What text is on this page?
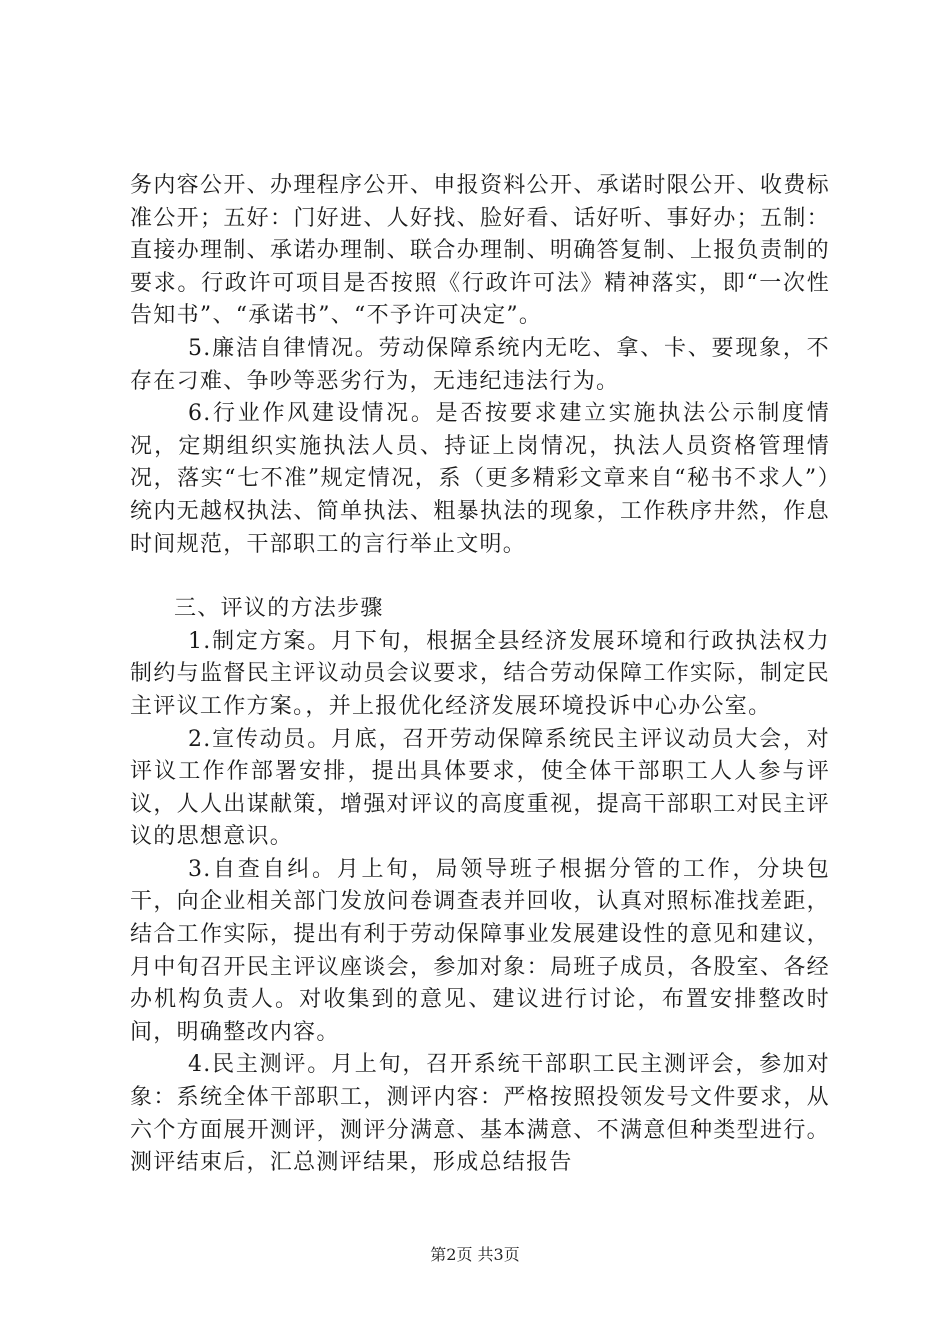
务内容公开、办理程序公开、申报资料公开、承诺时限公开、收费标准公开；五好：门好进、人好找、脸好看、话好听、事好办；五制：直接办理制、承诺办理制、联合办理制、明确答复制、上报负责制的要求。行政许可项目是否按照《行政许可法》精神落实，即“一次性告知书”、“承诺书”、“不予许可决定”。

5.廉洁自律情况。劳动保障系统内无吃、拿、卡、要现象，不存在刁难、争吵等恶劣行为，无违纪违法行为。

6.行业作风建设情况。是否按要求建立实施执法公示制度情况，定期组织实施执法人员、持证上岗情况，执法人员资格管理情况，落实“七不准”规定情况，系（更多精彩文章来自“秘书不求人”）统内无越权执法、简单执法、粗暴执法的现象，工作秩序井然，作息时间规范，干部职工的言行举止文明。

三、评议的方法步骤

1.制定方案。月下旬，根据全县经济发展环境和行政执法权力制约与监督民主评议动员会议要求，结合劳动保障工作实际，制定民主评议工作方案。，并上报优化经济发展环境投诉中心办公室。

2.宣传动员。月底，召开劳动保障系统民主评议动员大会，对评议工作作部署安排，提出具体要求，使全体干部职工人人参与评议，人人出谋献策，增强对评议的高度重视，提高干部职工对民主评议的思想意识。

3.自查自纠。月上旬，局领导班子根据分管的工作，分块包干，向企业相关部门发放问卷调查表并回收，认真对照标准找差距，结合工作实际，提出有利于劳动保障事业发展建设性的意见和建议，月中旬召开民主评议座谈会，参加对象：局班子成员，各股室、各经办机构负责人。对收集到的意见、建议进行讨论，布置安排整改时间，明确整改内容。

4.民主测评。月上旬，召开系统干部职工民主测评会，参加对象：系统全体干部职工，测评内容：严格按照投领发号文件要求，从六个方面展开测评，测评分满意、基本满意、不满意但种类型进行。测评结束后，汇总测评结果，形成总结报告

第2页 共3页
